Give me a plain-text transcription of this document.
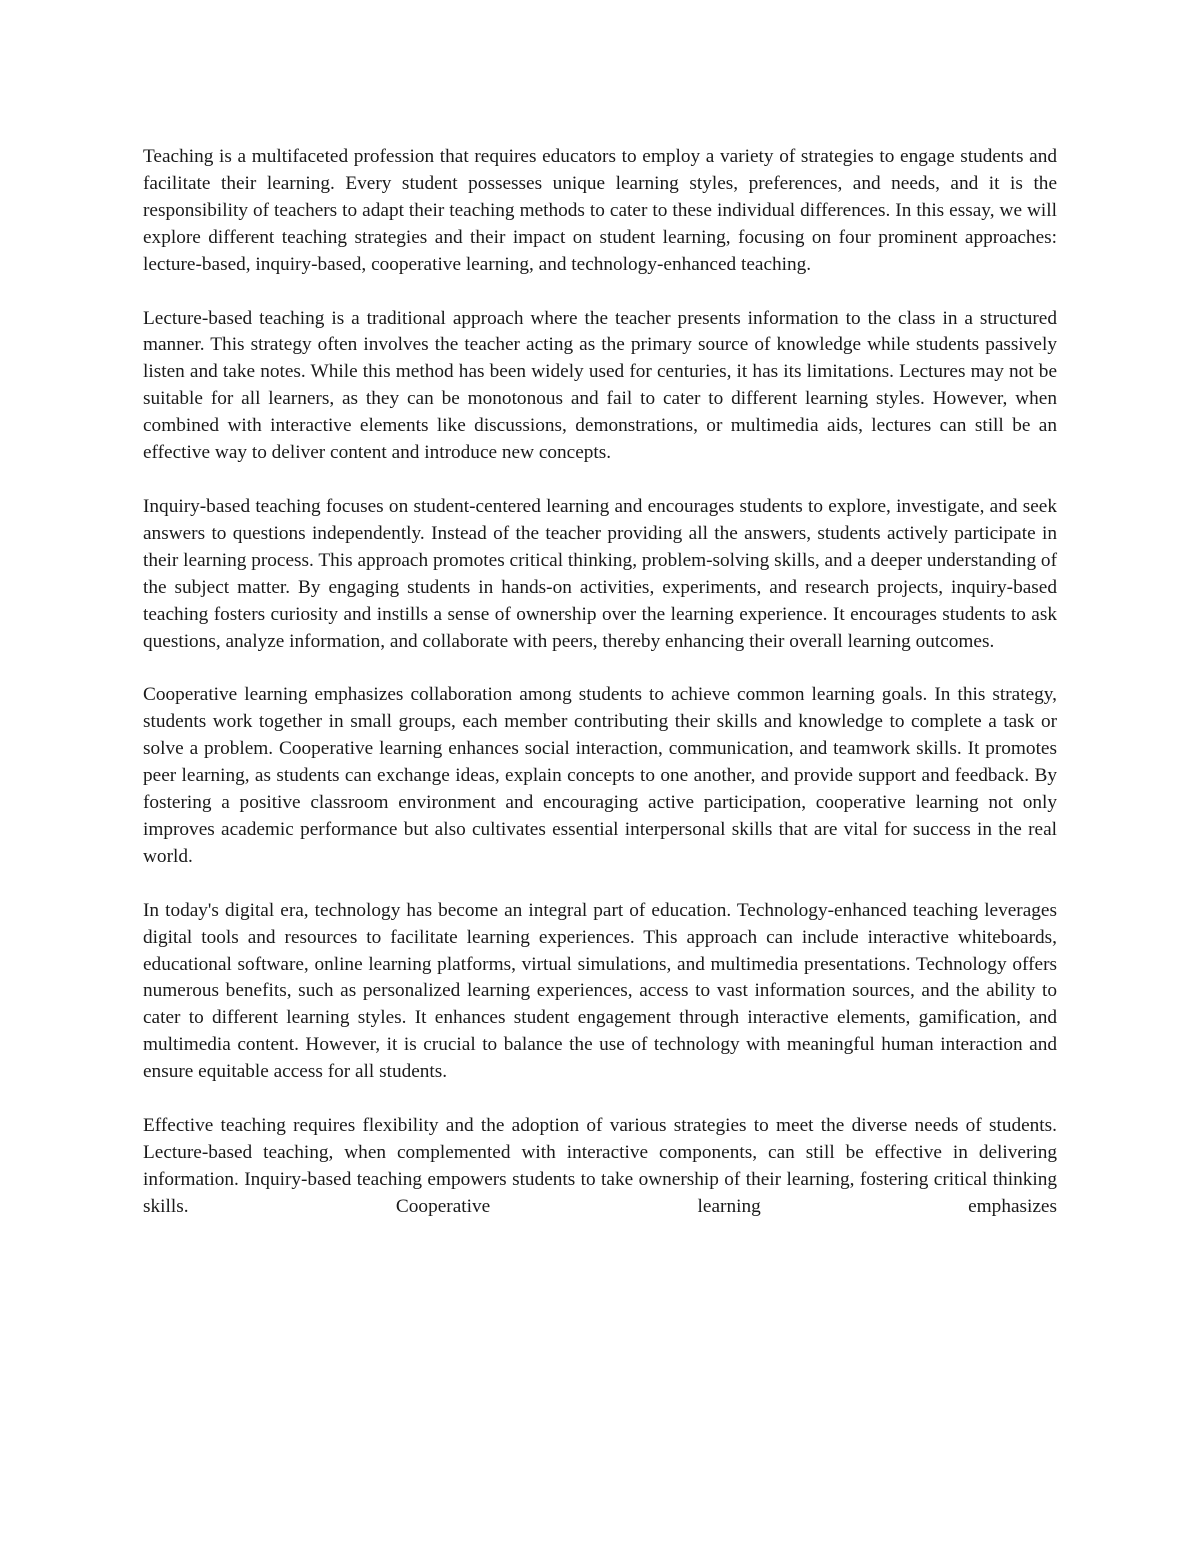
Teaching is a multifaceted profession that requires educators to employ a variety of strategies to engage students and facilitate their learning. Every student possesses unique learning styles, preferences, and needs, and it is the responsibility of teachers to adapt their teaching methods to cater to these individual differences. In this essay, we will explore different teaching strategies and their impact on student learning, focusing on four prominent approaches: lecture-based, inquiry-based, cooperative learning, and technology-enhanced teaching.

Lecture-based teaching is a traditional approach where the teacher presents information to the class in a structured manner. This strategy often involves the teacher acting as the primary source of knowledge while students passively listen and take notes. While this method has been widely used for centuries, it has its limitations. Lectures may not be suitable for all learners, as they can be monotonous and fail to cater to different learning styles. However, when combined with interactive elements like discussions, demonstrations, or multimedia aids, lectures can still be an effective way to deliver content and introduce new concepts.

Inquiry-based teaching focuses on student-centered learning and encourages students to explore, investigate, and seek answers to questions independently. Instead of the teacher providing all the answers, students actively participate in their learning process. This approach promotes critical thinking, problem-solving skills, and a deeper understanding of the subject matter. By engaging students in hands-on activities, experiments, and research projects, inquiry-based teaching fosters curiosity and instills a sense of ownership over the learning experience. It encourages students to ask questions, analyze information, and collaborate with peers, thereby enhancing their overall learning outcomes.

Cooperative learning emphasizes collaboration among students to achieve common learning goals. In this strategy, students work together in small groups, each member contributing their skills and knowledge to complete a task or solve a problem. Cooperative learning enhances social interaction, communication, and teamwork skills. It promotes peer learning, as students can exchange ideas, explain concepts to one another, and provide support and feedback. By fostering a positive classroom environment and encouraging active participation, cooperative learning not only improves academic performance but also cultivates essential interpersonal skills that are vital for success in the real world.

In today's digital era, technology has become an integral part of education. Technology-enhanced teaching leverages digital tools and resources to facilitate learning experiences. This approach can include interactive whiteboards, educational software, online learning platforms, virtual simulations, and multimedia presentations. Technology offers numerous benefits, such as personalized learning experiences, access to vast information sources, and the ability to cater to different learning styles. It enhances student engagement through interactive elements, gamification, and multimedia content. However, it is crucial to balance the use of technology with meaningful human interaction and ensure equitable access for all students.

Effective teaching requires flexibility and the adoption of various strategies to meet the diverse needs of students. Lecture-based teaching, when complemented with interactive components, can still be effective in delivering information. Inquiry-based teaching empowers students to take ownership of their learning, fostering critical thinking skills. Cooperative learning emphasizes
